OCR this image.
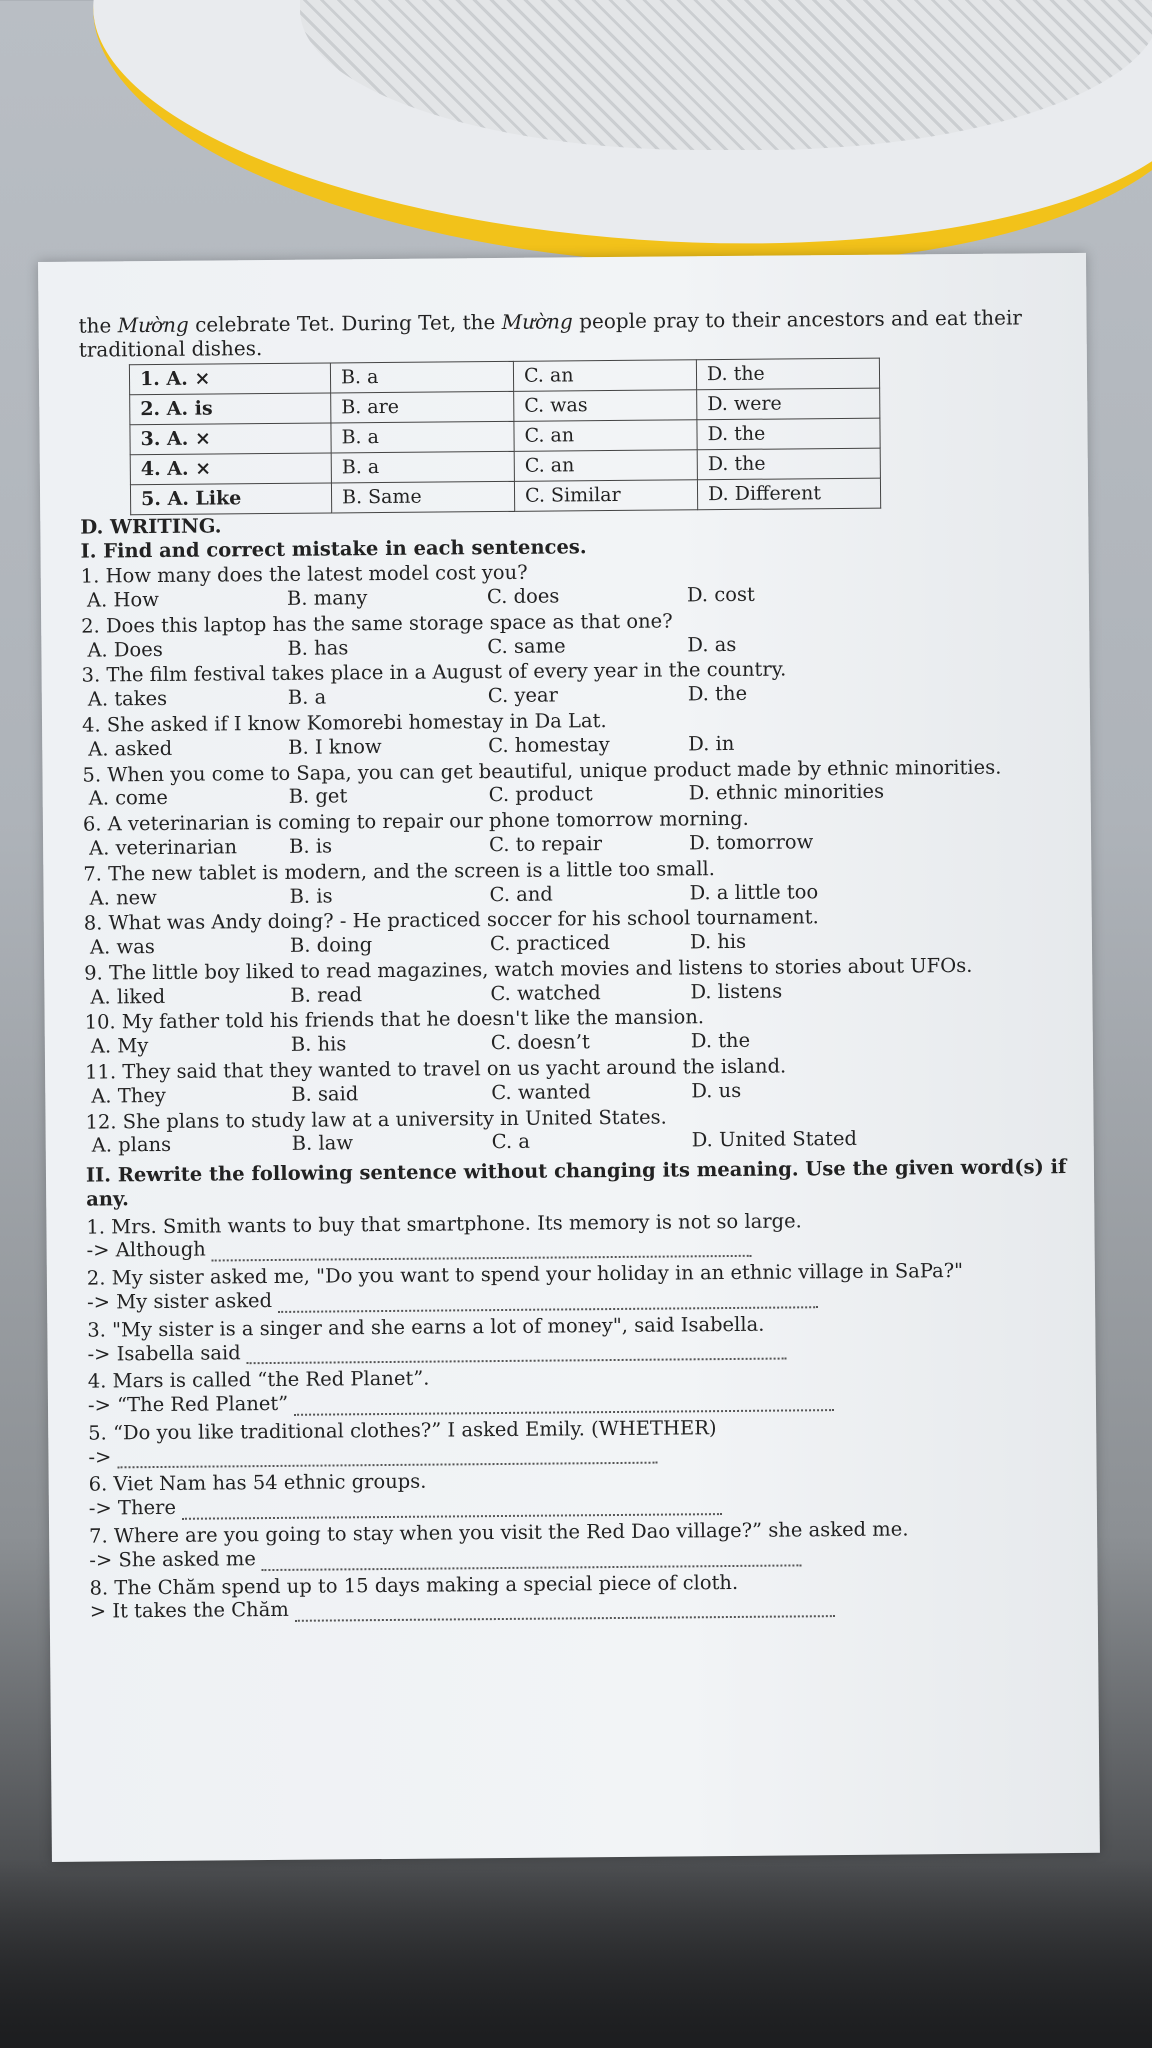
the Mường celebrate Tet. During Tet, the Mường people pray to their ancestors and eat their traditional dishes.

1. A. ×	B. a	C. an	D. the
2. A. is	B. are	C. was	D. were
3. A. ×	B. a	C. an	D. the
4. A. ×	B. a	C. an	D. the
5. A. Like	B. Same	C. Similar	D. Different

D. WRITING.

I. Find and correct mistake in each sentences.

1. How many does the latest model cost you?

A. How	B. many	C. does	D. cost

2. Does this laptop has the same storage space as that one?

A. Does	B. has	C. same	D. as

3. The film festival takes place in a August of every year in the country.

A. takes	B. a	C. year	D. the

4. She asked if I know Komorebi homestay in Da Lat.

A. asked	B. I know	C. homestay	D. in

5. When you come to Sapa, you can get beautiful, unique product made by ethnic minorities.

A. come	B. get	C. product	D. ethnic minorities

6. A veterinarian is coming to repair our phone tomorrow morning.

A. veterinarian	B. is	C. to repair	D. tomorrow

7. The new tablet is modern, and the screen is a little too small.

A. new	B. is	C. and	D. a little too

8. What was Andy doing? - He practiced soccer for his school tournament.

A. was	B. doing	C. practiced	D. his

9. The little boy liked to read magazines, watch movies and listens to stories about UFOs.

A. liked	B. read	C. watched	D. listens

10. My father told his friends that he doesn't like the mansion.

A. My	B. his	C. doesn’t	D. the

11. They said that they wanted to travel on us yacht around the island.

A. They	B. said	C. wanted	D. us

12. She plans to study law at a university in United States.

A. plans	B. law	C. a	D. United Stated

II. Rewrite the following sentence without changing its meaning. Use the given word(s) if any.

1. Mrs. Smith wants to buy that smartphone. Its memory is not so large.

-> Although

2. My sister asked me, "Do you want to spend your holiday in an ethnic village in SaPa?"

-> My sister asked

3. "My sister is a singer and she earns a lot of money", said Isabella.

-> Isabella said

4. Mars is called “the Red Planet”.

-> “The Red Planet”

5. “Do you like traditional clothes?” I asked Emily. (WHETHER)

->

6. Viet Nam has 54 ethnic groups.

-> There

7. Where are you going to stay when you visit the Red Dao village?” she asked me.

-> She asked me

8. The Chăm spend up to 15 days making a special piece of cloth.

> It takes the Chăm
